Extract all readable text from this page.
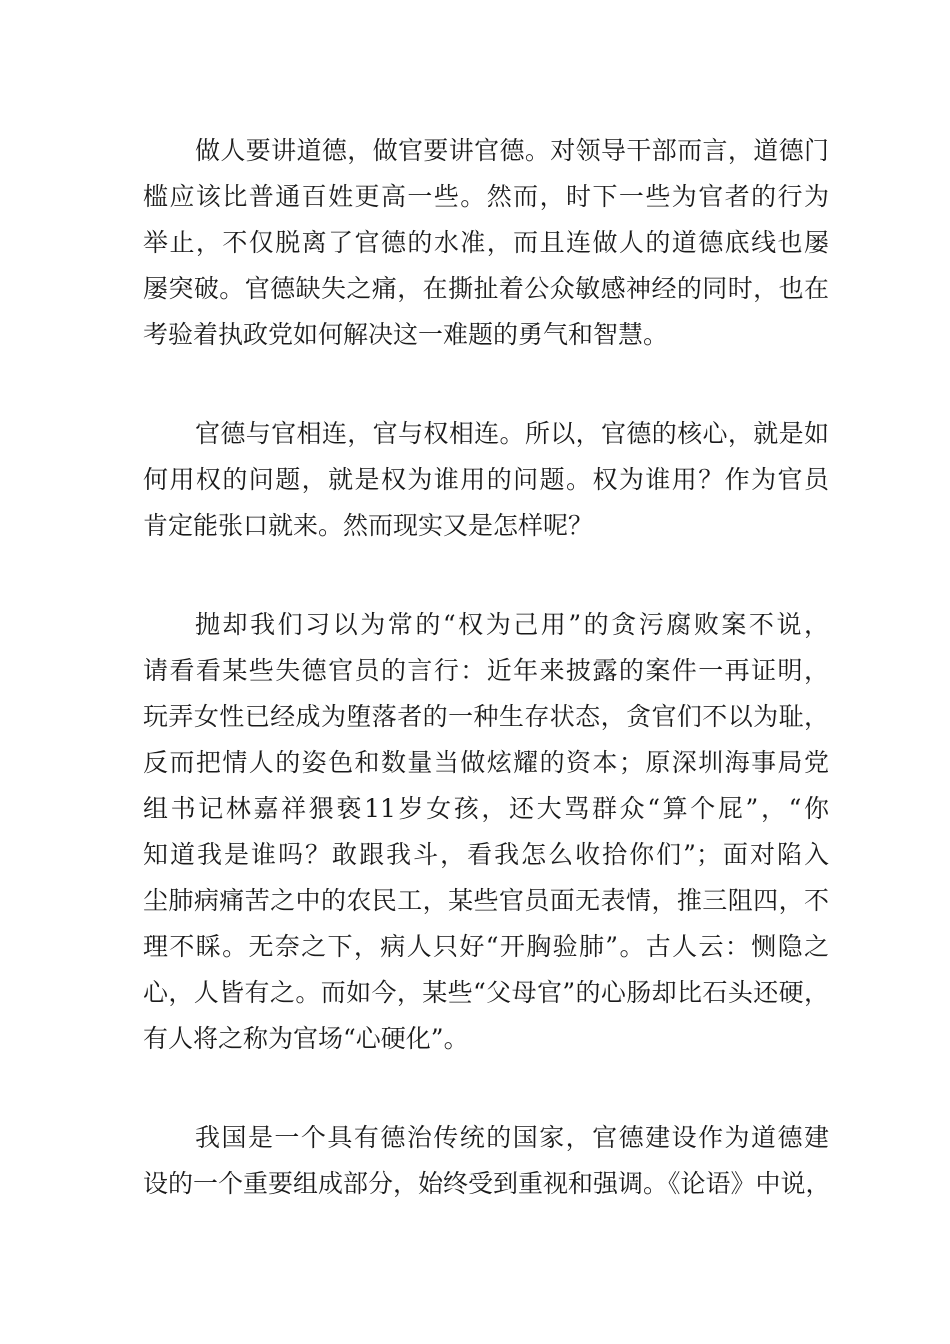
做人要讲道德，做官要讲官德。对领导干部而言，道德门
槛应该比普通百姓更高一些。然而，时下一些为官者的行为
举止，不仅脱离了官德的水准，而且连做人的道德底线也屡
屡突破。官德缺失之痛，在撕扯着公众敏感神经的同时，也在
考验着执政党如何解决这一难题的勇气和智慧。
官德与官相连，官与权相连。所以，官德的核心，就是如
何用权的问题，就是权为谁用的问题。权为谁用？作为官员
肯定能张口就来。然而现实又是怎样呢？
抛却我们习以为常的“权为己用”的贪污腐败案不说，
请看看某些失德官员的言行：近年来披露的案件一再证明，
玩弄女性已经成为堕落者的一种生存状态，贪官们不以为耻，
反而把情人的姿色和数量当做炫耀的资本；原深圳海事局党
组书记林嘉祥猥亵11岁女孩，还大骂群众“算个屁”，“你
知道我是谁吗？敢跟我斗，看我怎么收拾你们”；面对陷入
尘肺病痛苦之中的农民工，某些官员面无表情，推三阻四，不
理不睬。无奈之下，病人只好“开胸验肺”。古人云：恻隐之
心，人皆有之。而如今，某些“父母官”的心肠却比石头还硬，
有人将之称为官场“心硬化”。
我国是一个具有德治传统的国家，官德建设作为道德建
设的一个重要组成部分，始终受到重视和强调。《论语》中说，
